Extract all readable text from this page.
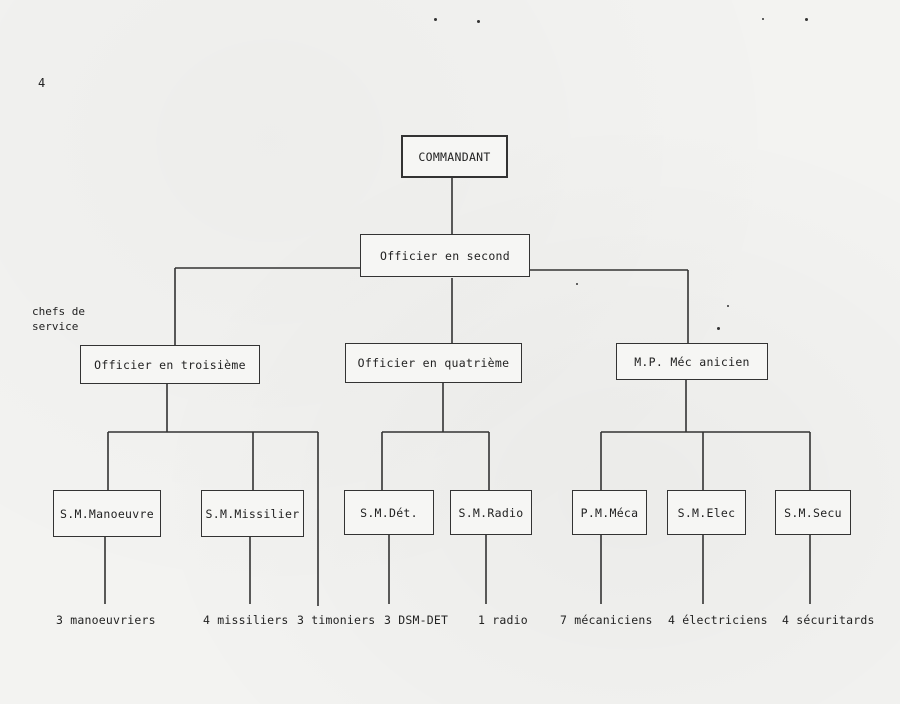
4
chefs de
service
COMMANDANT
Officier en second
Officier en troisième	Officier en quatrième	M.P. Méc anicien
S.M.Manoeuvre	S.M.Missilier	S.M.Dét.	S.M.Radio	P.M.Méca	S.M.Elec	S.M.Secu
3 manoeuvriers	4 missiliers 3 timoniers 3 DSM-DET	1 radio	7 mécaniciens 4 électriciens 4 sécuritards
